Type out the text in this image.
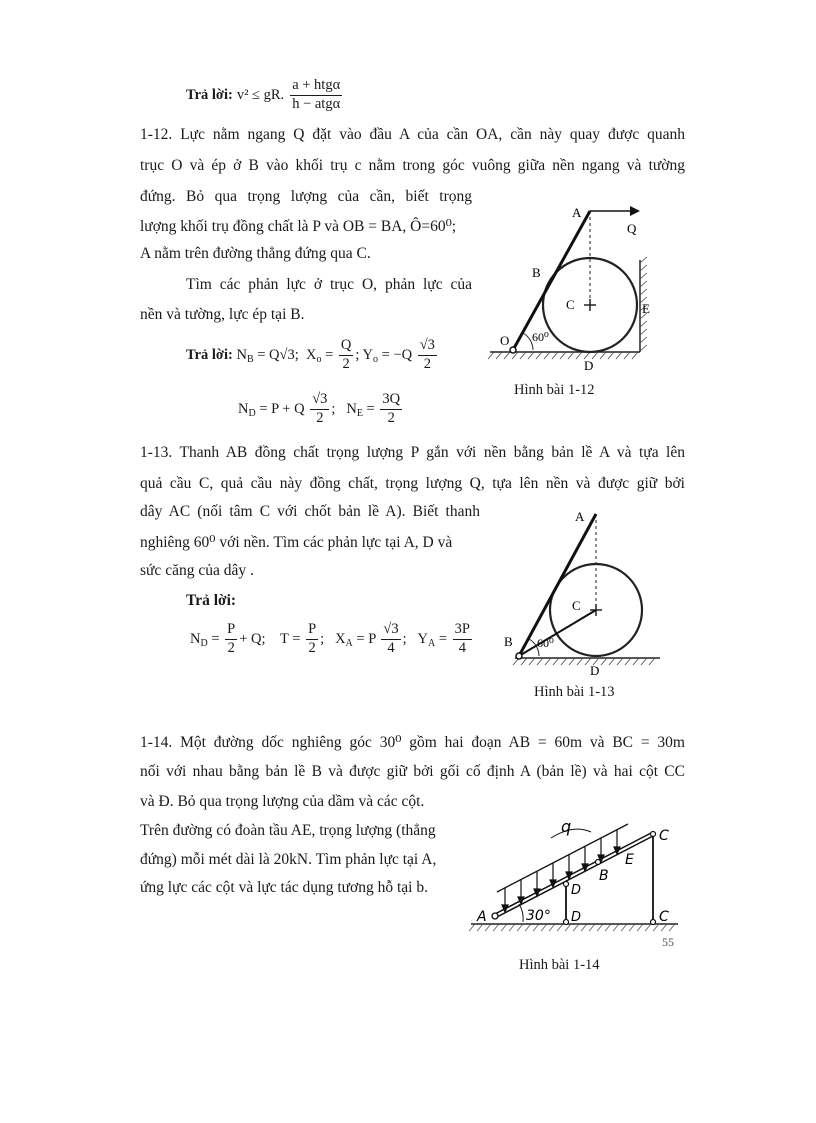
Trả lời: v² ≤ gR. $\frac{\text{a + htgα}}{\text{h − atgα}}$
1-12. Lực nằm ngang Q đặt vào đầu A của cần OA, cần này quay được quanh
trục O và ép ở B vào khối trụ c nằm trong góc vuông giữa nền ngang và tường
đứng. Bỏ qua trọng lượng của cần, biết trọng
lượng khối trụ đồng chất là P và OB = BA, Ô=60⁰;
A nằm trên đường thẳng đứng qua C.
Tìm các phản lực ở trục O, phản lực của
nền và tường, lực ép tại B.
Trả lời: $N_B = Q√3$; $X_o = \frac{Q}{2}$ ; $Y_o = -Q \frac{√3}{2}$
$N_D = P + Q \frac{√3}{2}$ ; $N_E = \frac{3Q}{2}$
A
Q
B
C	E
O
D
60⁰
Hình bài 1-12
1-13. Thanh AB đồng chất trọng lượng P gắn với nền bằng bản lề A và tựa lên
quả cầu C, quả cầu này đồng chất, trọng lượng Q, tựa lên nền và được giữ bởi
dây AC (nối tâm C với chốt bản lề A). Biết thanh
nghiêng 60⁰ với nền. Tìm các phản lực tại A, D và
sức căng của dây .
Trả lời:
$N_D = \frac{P}{2} + Q$; $T = \frac{P}{2}$ ; $X_A = P \frac{√3}{4}$ ; $Y_A = \frac{3P}{4}$
A
C
B
D
60⁰
Hình bài 1-13
1-14. Một đường dốc nghiêng góc 30⁰ gồm hai đoạn AB = 60m và BC = 30m
nối với nhau bằng bản lề B và được giữ bởi gối cố định A (bản lề) và hai cột CC
và Đ. Bỏ qua trọng lượng của dầm và các cột.
Trên đường có đoàn tầu AE, trọng lượng (thẳng
đứng) mỗi mét dài là 20kN. Tìm phản lực tại A,
ứng lực các cột và lực tác dụng tương hỗ tại b.
q	C
E
B
D
A	30° D	C
55
Hình bài 1-14
